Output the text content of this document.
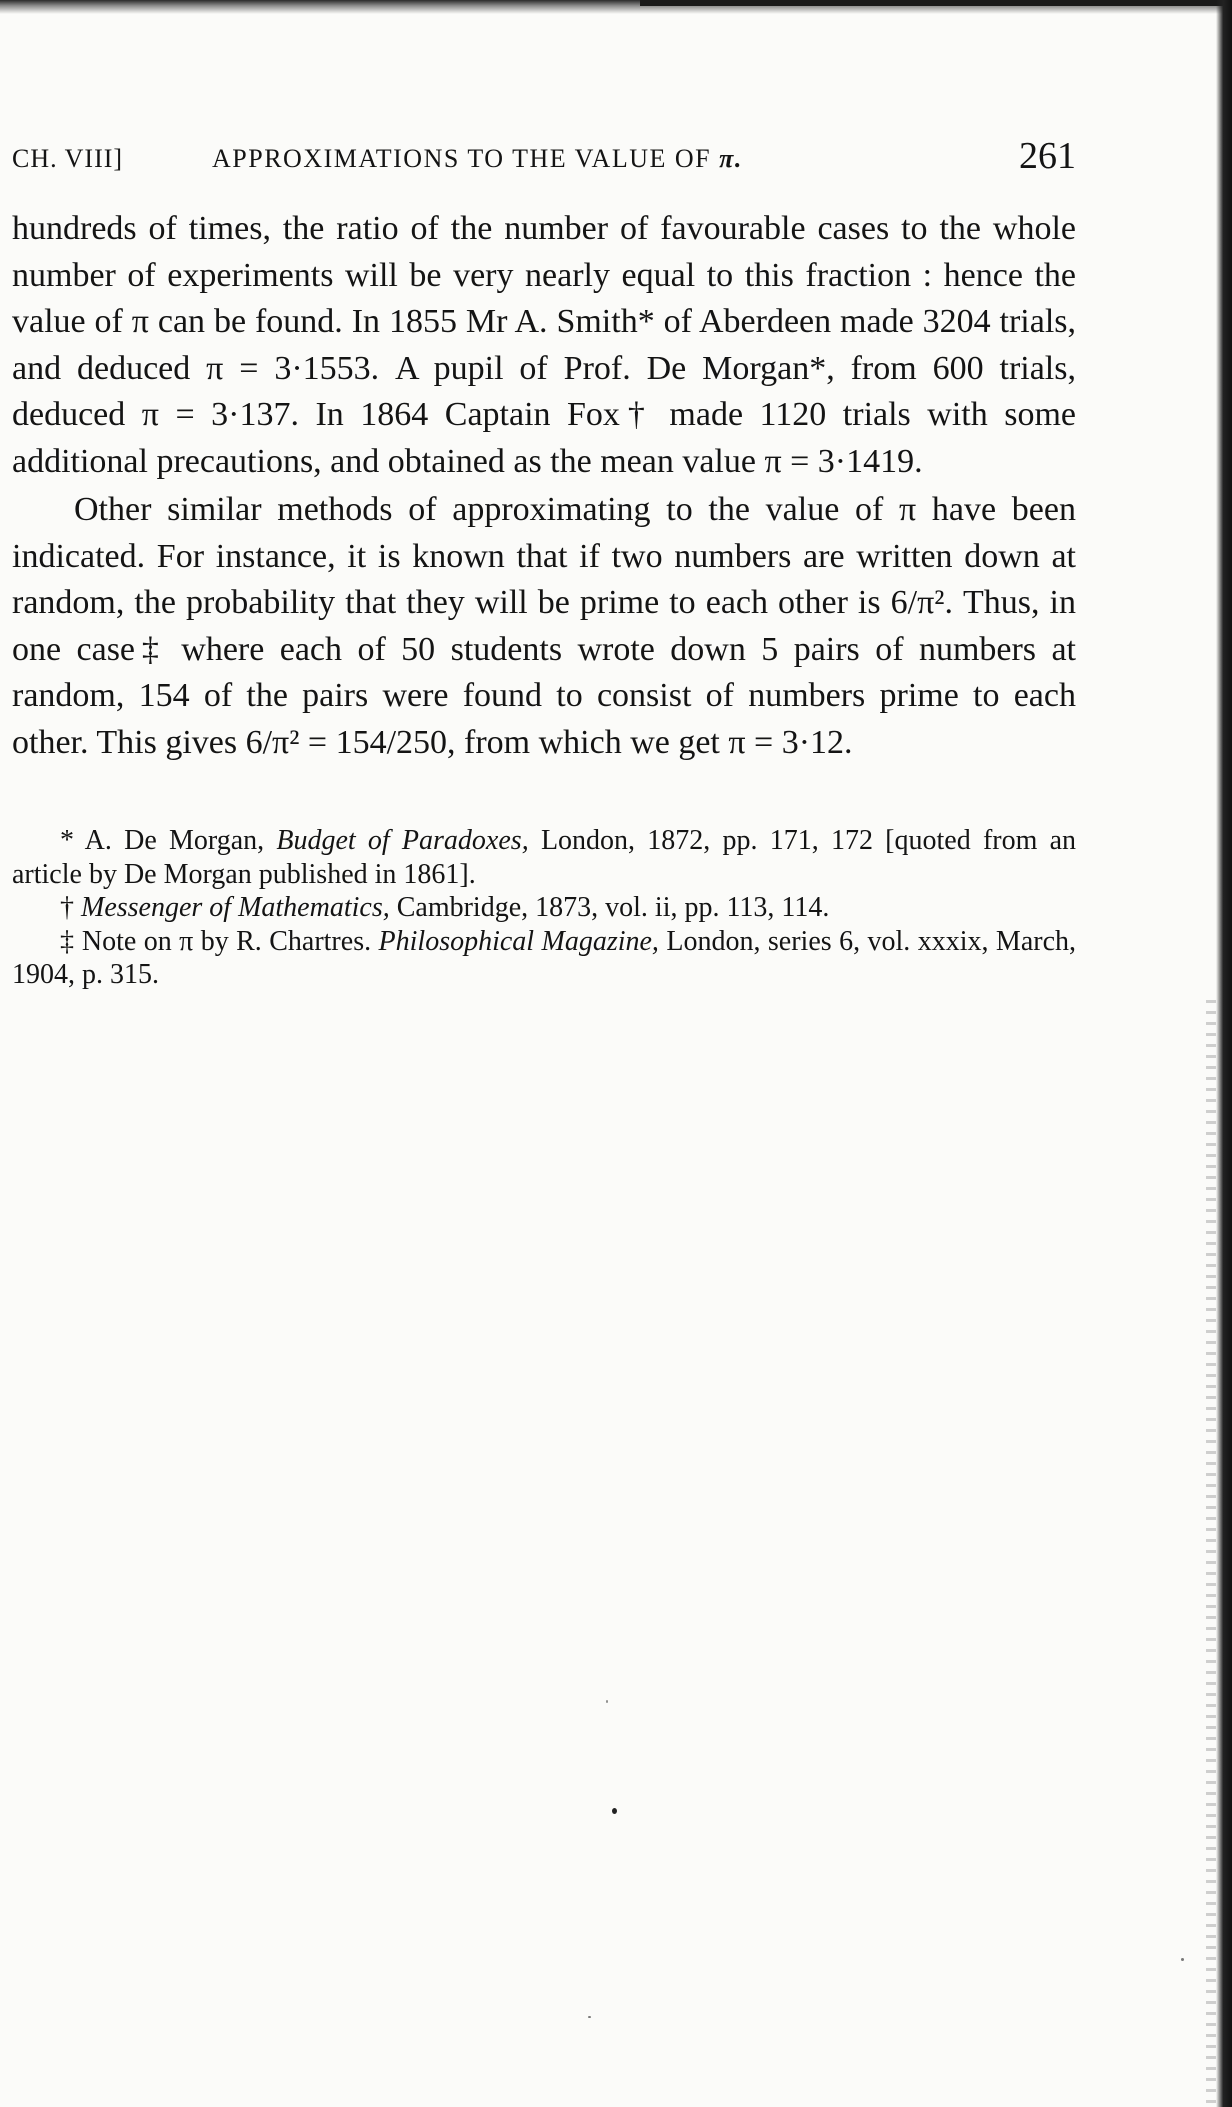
CH. VIII]	APPROXIMATIONS TO THE VALUE OF π.	261

hundreds of times, the ratio of the number of favourable cases to the whole number of experiments will be very nearly equal to this fraction : hence the value of π can be found. In 1855 Mr A. Smith* of Aberdeen made 3204 trials, and deduced π = 3·1553. A pupil of Prof. De Morgan*, from 600 trials, deduced π = 3·137. In 1864 Captain Fox† made 1120 trials with some additional precautions, and obtained as the mean value π = 3·1419.

Other similar methods of approximating to the value of π have been indicated. For instance, it is known that if two numbers are written down at random, the probability that they will be prime to each other is 6/π². Thus, in one case‡ where each of 50 students wrote down 5 pairs of numbers at random, 154 of the pairs were found to consist of numbers prime to each other. This gives 6/π² = 154/250, from which we get π = 3·12.

* A. De Morgan, Budget of Paradoxes, London, 1872, pp. 171, 172 [quoted from an article by De Morgan published in 1861].

† Messenger of Mathematics, Cambridge, 1873, vol. ii, pp. 113, 114.

‡ Note on π by R. Chartres. Philosophical Magazine, London, series 6, vol. xxxix, March, 1904, p. 315.
